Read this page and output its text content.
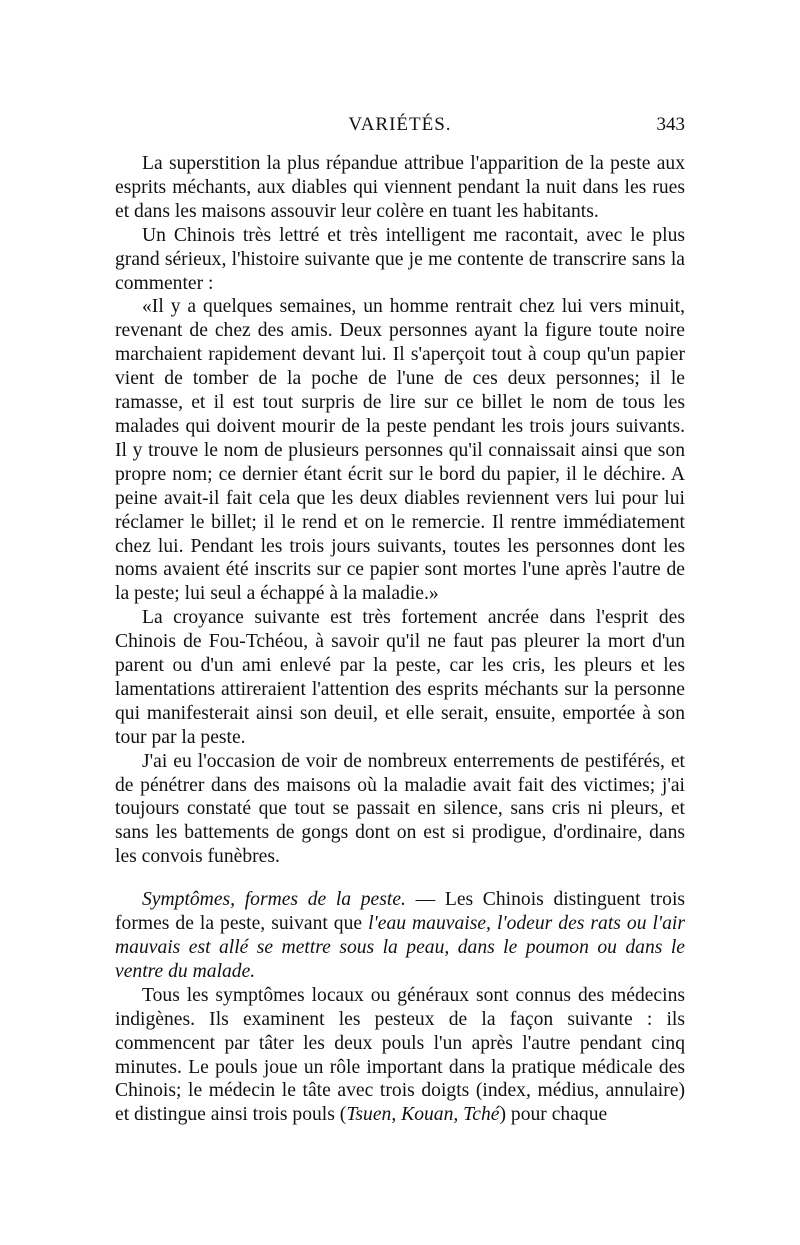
VARIÉTÉS.	343

La superstition la plus répandue attribue l'apparition de la peste aux esprits méchants, aux diables qui viennent pendant la nuit dans les rues et dans les maisons assouvir leur colère en tuant les habitants.

Un Chinois très lettré et très intelligent me racontait, avec le plus grand sérieux, l'histoire suivante que je me contente de transcrire sans la commenter :

«Il y a quelques semaines, un homme rentrait chez lui vers minuit, revenant de chez des amis. Deux personnes ayant la figure toute noire marchaient rapidement devant lui. Il s'aperçoit tout à coup qu'un papier vient de tomber de la poche de l'une de ces deux personnes; il le ramasse, et il est tout surpris de lire sur ce billet le nom de tous les malades qui doivent mourir de la peste pendant les trois jours suivants. Il y trouve le nom de plusieurs personnes qu'il connaissait ainsi que son propre nom; ce dernier étant écrit sur le bord du papier, il le déchire. A peine avait-il fait cela que les deux diables reviennent vers lui pour lui réclamer le billet; il le rend et on le remercie. Il rentre immédiatement chez lui. Pendant les trois jours suivants, toutes les personnes dont les noms avaient été inscrits sur ce papier sont mortes l'une après l'autre de la peste; lui seul a échappé à la maladie.»

La croyance suivante est très fortement ancrée dans l'esprit des Chinois de Fou-Tchéou, à savoir qu'il ne faut pas pleurer la mort d'un parent ou d'un ami enlevé par la peste, car les cris, les pleurs et les lamentations attireraient l'attention des esprits méchants sur la personne qui manifesterait ainsi son deuil, et elle serait, ensuite, emportée à son tour par la peste.

J'ai eu l'occasion de voir de nombreux enterrements de pestiférés, et de pénétrer dans des maisons où la maladie avait fait des victimes; j'ai toujours constaté que tout se passait en silence, sans cris ni pleurs, et sans les battements de gongs dont on est si prodigue, d'ordinaire, dans les convois funèbres.

Symptômes, formes de la peste. — Les Chinois distinguent trois formes de la peste, suivant que l'eau mauvaise, l'odeur des rats ou l'air mauvais est allé se mettre sous la peau, dans le poumon ou dans le ventre du malade.

Tous les symptômes locaux ou généraux sont connus des médecins indigènes. Ils examinent les pesteux de la façon suivante : ils commencent par tâter les deux pouls l'un après l'autre pendant cinq minutes. Le pouls joue un rôle important dans la pratique médicale des Chinois; le médecin le tâte avec trois doigts (index, médius, annulaire) et distingue ainsi trois pouls (Tsuen, Kouan, Tché) pour chaque
